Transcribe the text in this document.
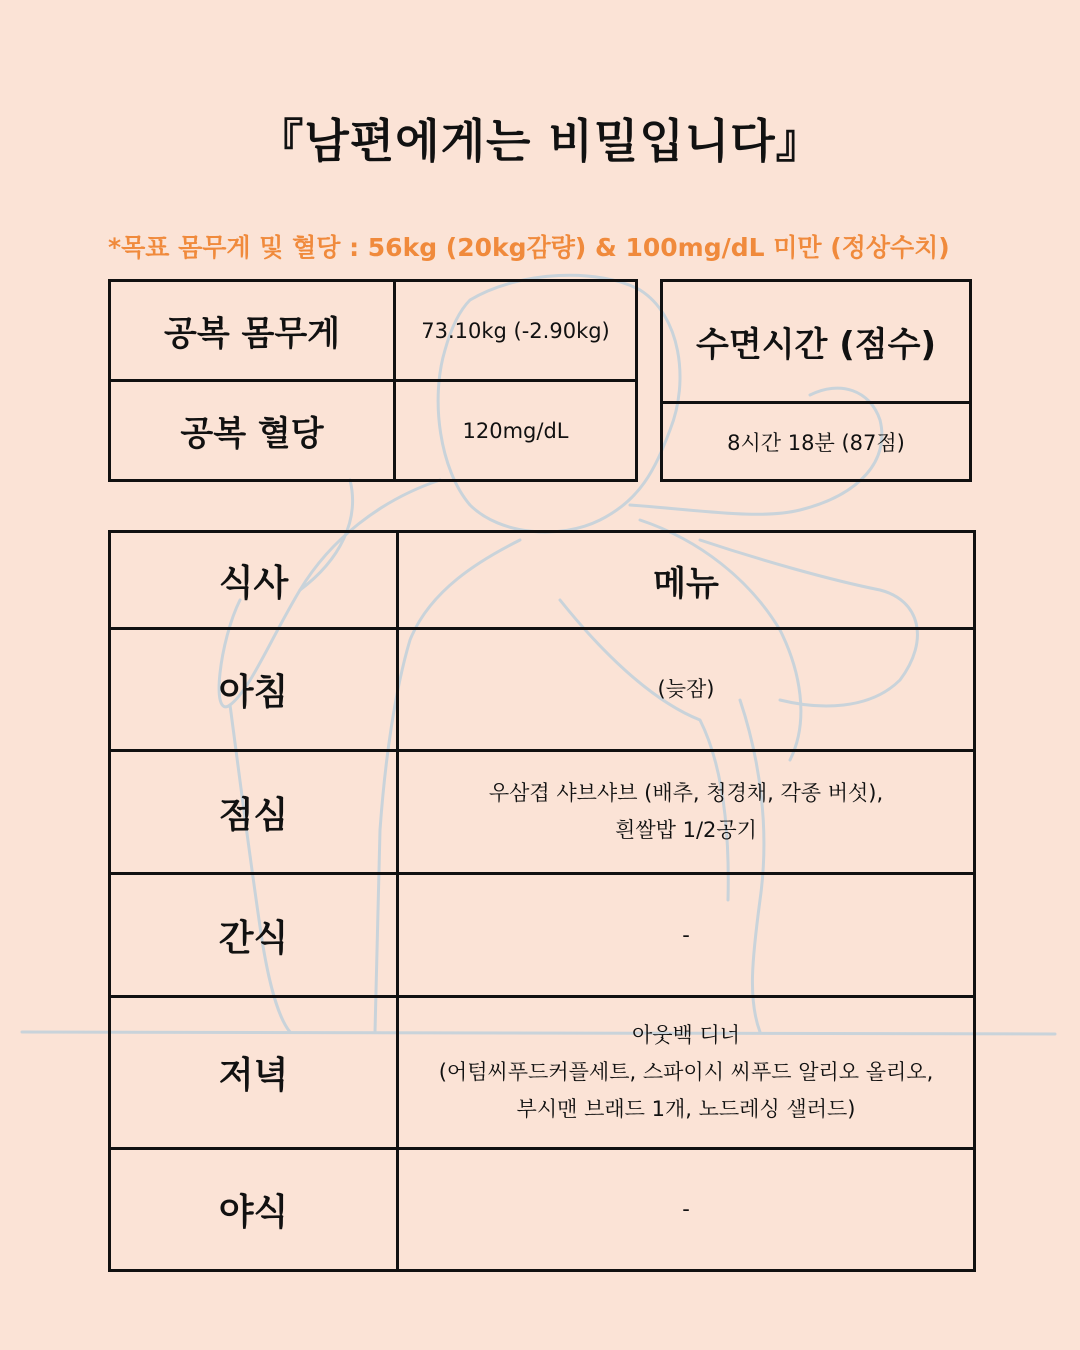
『남편에게는 비밀입니다』
*목표 몸무게 및 혈당 : 56kg (20kg감량) & 100mg/dL 미만 (정상수치)
공복 몸무게	73.10kg (-2.90kg)
공복 혈당	120mg/dL
수면시간 (점수)
8시간 18분 (87점)
식사	메뉴
아침	(늦잠)

점심	우삼겹 샤브샤브 (배추, 청경채, 각종 버섯),
흰쌀밥 1/2공기

간식	-

저녁	아웃백 디너
(어텀씨푸드커플세트, 스파이시 씨푸드 알리오 올리오,
부시맨 브래드 1개, 노드레싱 샐러드)

야식	-
